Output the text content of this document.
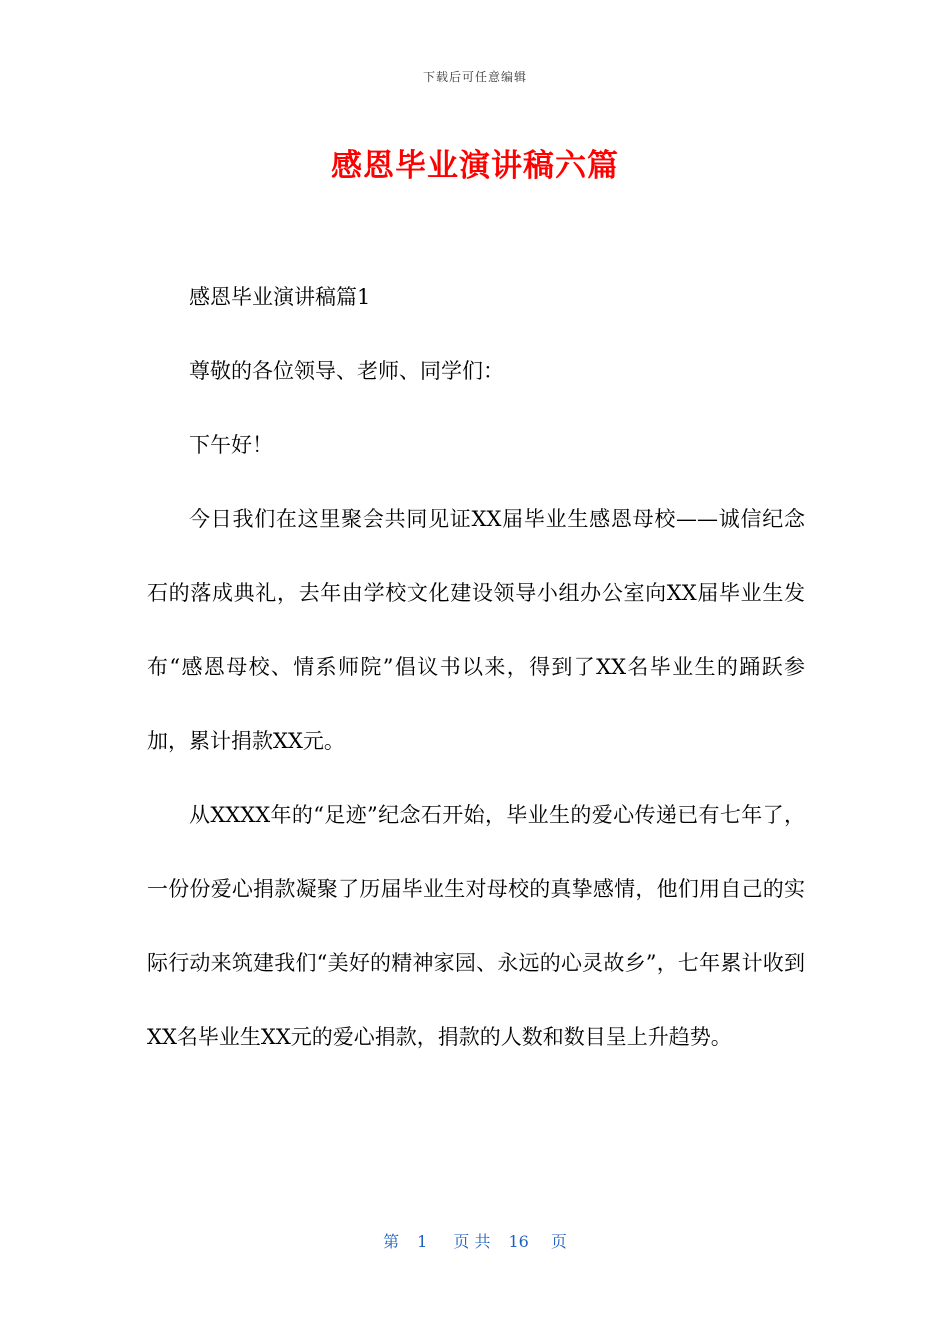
下载后可任意编辑
感恩毕业演讲稿六篇

感恩毕业演讲稿篇1

尊敬的各位领导、老师、同学们：

下午好！

今日我们在这里聚会共同见证XX届毕业生感恩母校——诚信纪念石的落成典礼，去年由学校文化建设领导小组办公室向XX届毕业生发布“感恩母校、情系师院”倡议书以来，得到了XX名毕业生的踊跃参加，累计捐款XX元。

从XXXX年的“足迹”纪念石开始，毕业生的爱心传递已有七年了，一份份爱心捐款凝聚了历届毕业生对母校的真挚感情，他们用自己的实际行动来筑建我们“美好的精神家园、永远的心灵故乡”，七年累计收到XX名毕业生XX元的爱心捐款，捐款的人数和数目呈上升趋势。

第 1 页 共 16 页
